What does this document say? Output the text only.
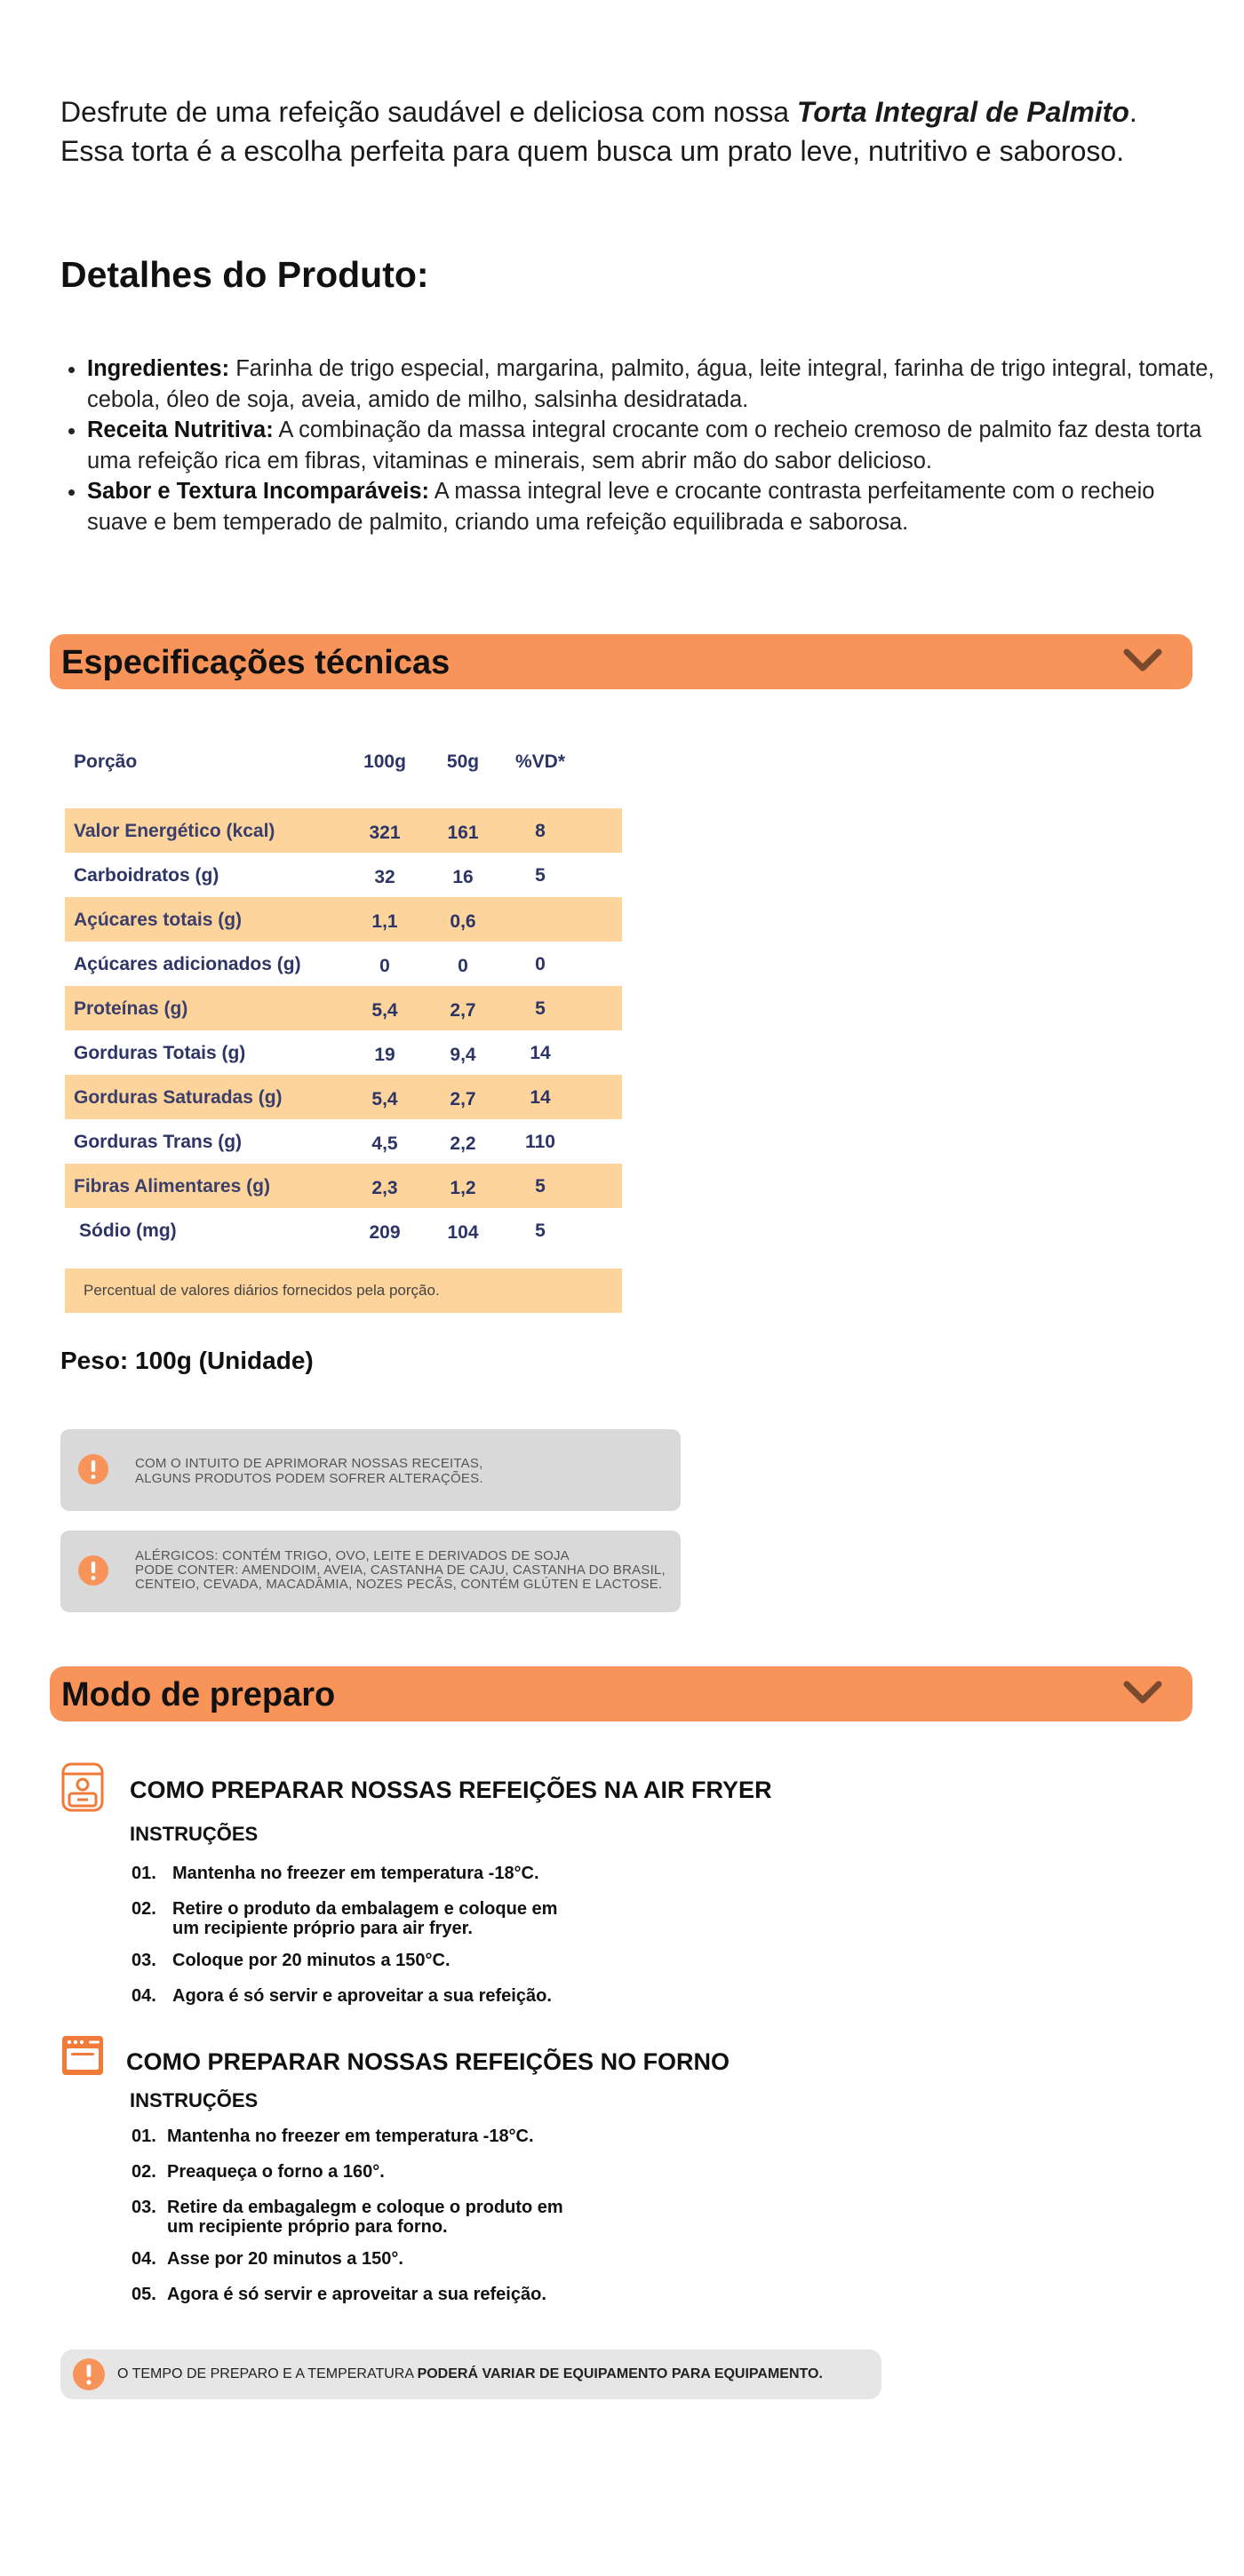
Desfrute de uma refeição saudável e deliciosa com nossa Torta Integral de Palmito. Essa torta é a escolha perfeita para quem busca um prato leve, nutritivo e saboroso.

Detalhes do Produto:
• Ingredientes: Farinha de trigo especial, margarina, palmito, água, leite integral, farinha de trigo integral, tomate, cebola, óleo de soja, aveia, amido de milho, salsinha desidratada.
• Receita Nutritiva: A combinação da massa integral crocante com o recheio cremoso de palmito faz desta torta uma refeição rica em fibras, vitaminas e minerais, sem abrir mão do sabor delicioso.
• Sabor e Textura Incomparáveis: A massa integral leve e crocante contrasta perfeitamente com o recheio suave e bem temperado de palmito, criando uma refeição equilibrada e saborosa.
Especificações técnicas
Porção	100g	50g	%VD*
Valor Energético (kcal)	321	161	8
Carboidratos (g)	32	16	5
Açúcares totais (g)	1,1	0,6
Açúcares adicionados (g)	0	0	0
Proteínas (g)	5,4	2,7	5
Gorduras Totais (g)	19	9,4	14
Gorduras Saturadas (g)	5,4	2,7	14
Gorduras Trans (g)	4,5	2,2	110
Fibras Alimentares (g)	2,3	1,2	5
Sódio (mg)	209	104	5
Percentual de valores diários fornecidos pela porção.
Peso: 100g (Unidade)
COM O INTUITO DE APRIMORAR NOSSAS RECEITAS,
ALGUNS PRODUTOS PODEM SOFRER ALTERAÇÕES.
ALÉRGICOS: CONTÉM TRIGO, OVO, LEITE E DERIVADOS DE SOJA
PODE CONTER: AMENDOIM, AVEIA, CASTANHA DE CAJU, CASTANHA DO BRASIL,
CENTEIO, CEVADA, MACADÂMIA, NOZES PECÃS, CONTÉM GLÚTEN E LACTOSE.
Modo de preparo
COMO PREPARAR NOSSAS REFEIÇÕES NA AIR FRYER
INSTRUÇÕES
01. Mantenha no freezer em temperatura -18°C.
02. Retire o produto da embalagem e coloque em
um recipiente próprio para air fryer.
03. Coloque por 20 minutos a 150°C.
04. Agora é só servir e aproveitar a sua refeição.
COMO PREPARAR NOSSAS REFEIÇÕES NO FORNO
INSTRUÇÕES
01. Mantenha no freezer em temperatura -18°C.
02. Preaqueça o forno a 160°.
03. Retire da embagalegm e coloque o produto em
um recipiente próprio para forno.
04. Asse por 20 minutos a 150°.
05. Agora é só servir e aproveitar a sua refeição.
O TEMPO DE PREPARO E A TEMPERATURA PODERÁ VARIAR DE EQUIPAMENTO PARA EQUIPAMENTO.
